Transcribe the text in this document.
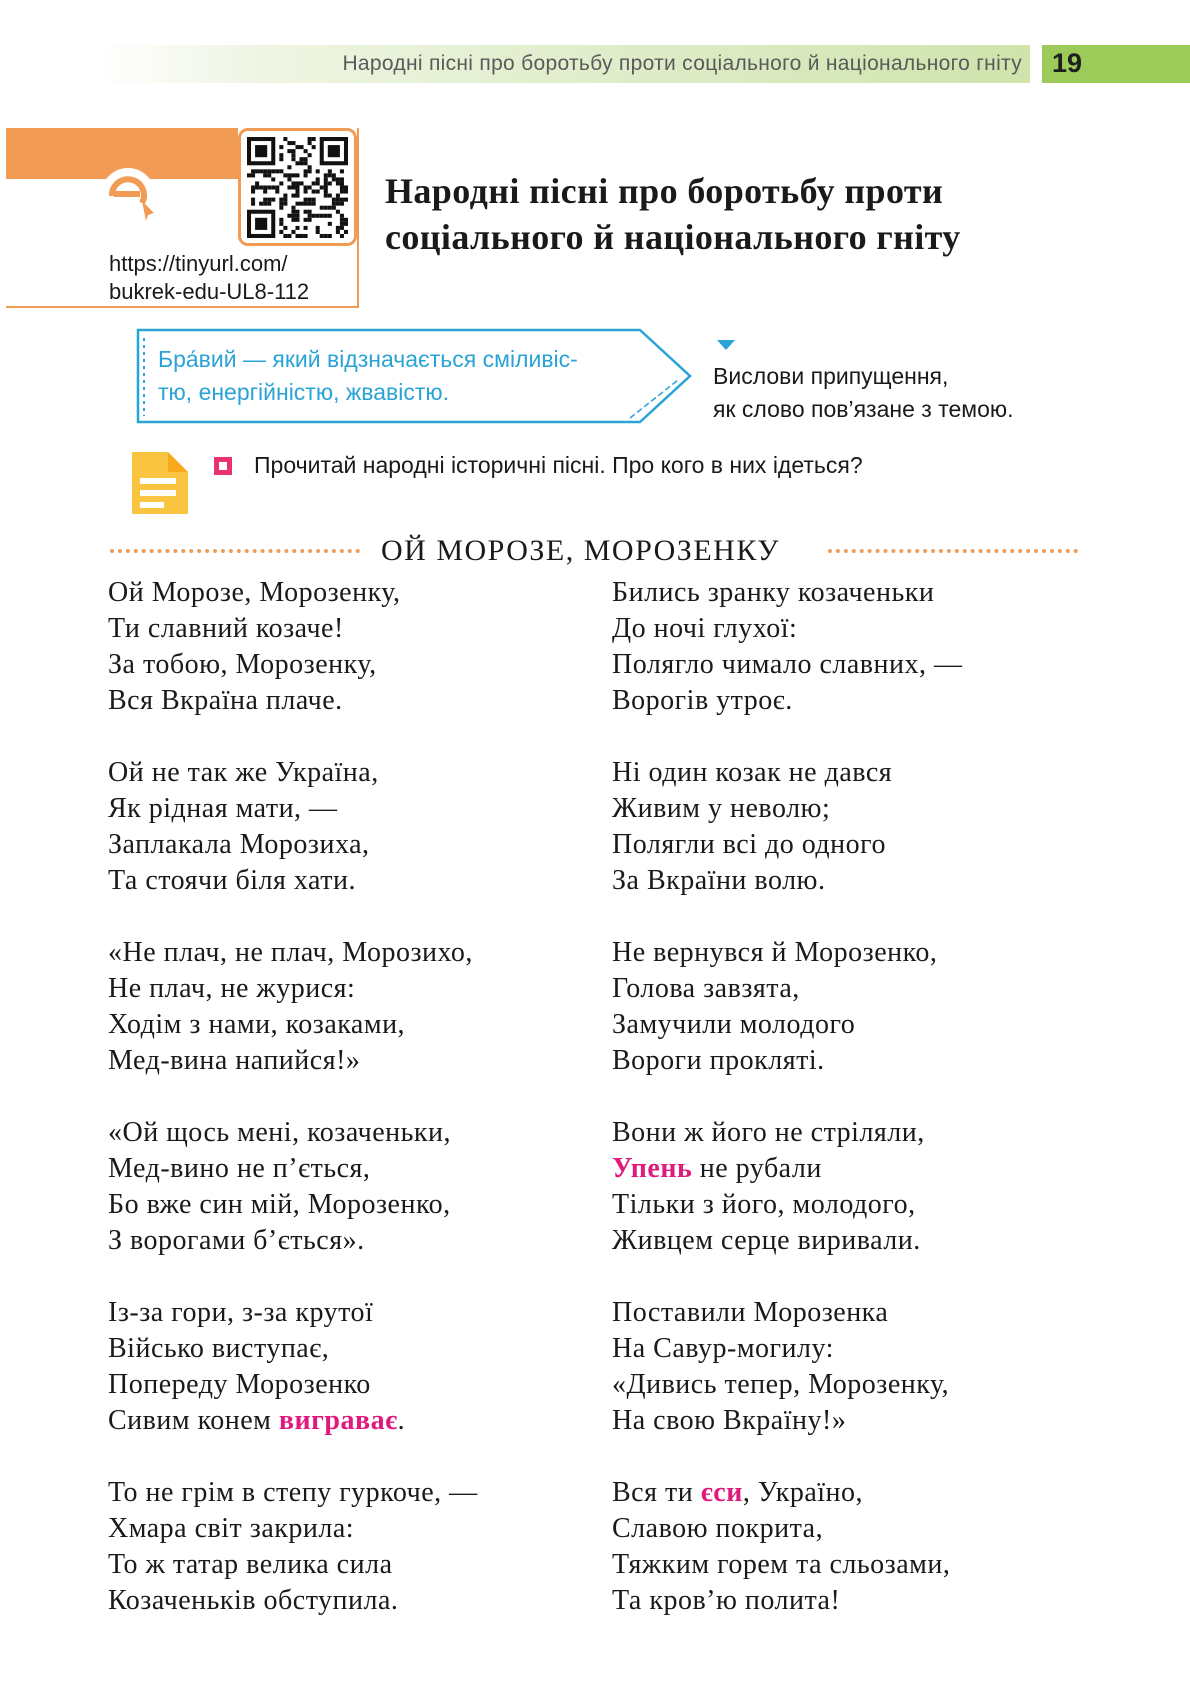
Народні пісні про боротьбу проти соціального й національного гніту 19
https://tinyurl.com/
bukrek-edu-UL8-112
Народні пісні про боротьбу проти
соціального й національного гніту
Бра́вий — який відзначається сміливіс-
тю, енергійністю, жвавістю.
Вислови припущення,
як слово пов’язане з темою.
Прочитай народні історичні пісні. Про кого в них ідеться?
ОЙ МОРОЗЕ, МОРОЗЕНКУ
Ой Морозе, Морозенку,
Ти славний козаче!
За тобою, Морозенку,
Вся Вкраїна плаче.
Ой не так же Україна,
Як рідная мати, —
Заплакала Морозиха,
Та стоячи біля хати.
«Не плач, не плач, Морозихо,
Не плач, не журися:
Ходім з нами, козаками,
Мед-вина напийся!»
«Ой щось мені, козаченьки,
Мед-вино не п’ється,
Бо вже син мій, Морозенко,
З ворогами б’ється».
Із-за гори, з-за крутої
Військо виступає,
Попереду Морозенко
Сивим конем виграває.
То не грім в степу гуркоче, —
Хмара світ закрила:
То ж татар велика сила
Козаченьків обступила.
Бились зранку козаченьки
До ночі глухої:
Полягло чимало славних, —
Ворогів утроє.
Ні один козак не дався
Живим у неволю;
Полягли всі до одного
За Вкраїни волю.
Не вернувся й Морозенко,
Голова завзята,
Замучили молодого
Вороги прокляті.
Вони ж його не стріляли,
Упень не рубали
Тільки з його, молодого,
Живцем серце виривали.
Поставили Морозенка
На Савур-могилу:
«Дивись тепер, Морозенку,
На свою Вкраїну!»
Вся ти єси, Україно,
Славою покрита,
Тяжким горем та сльозами,
Та кров’ю полита!
